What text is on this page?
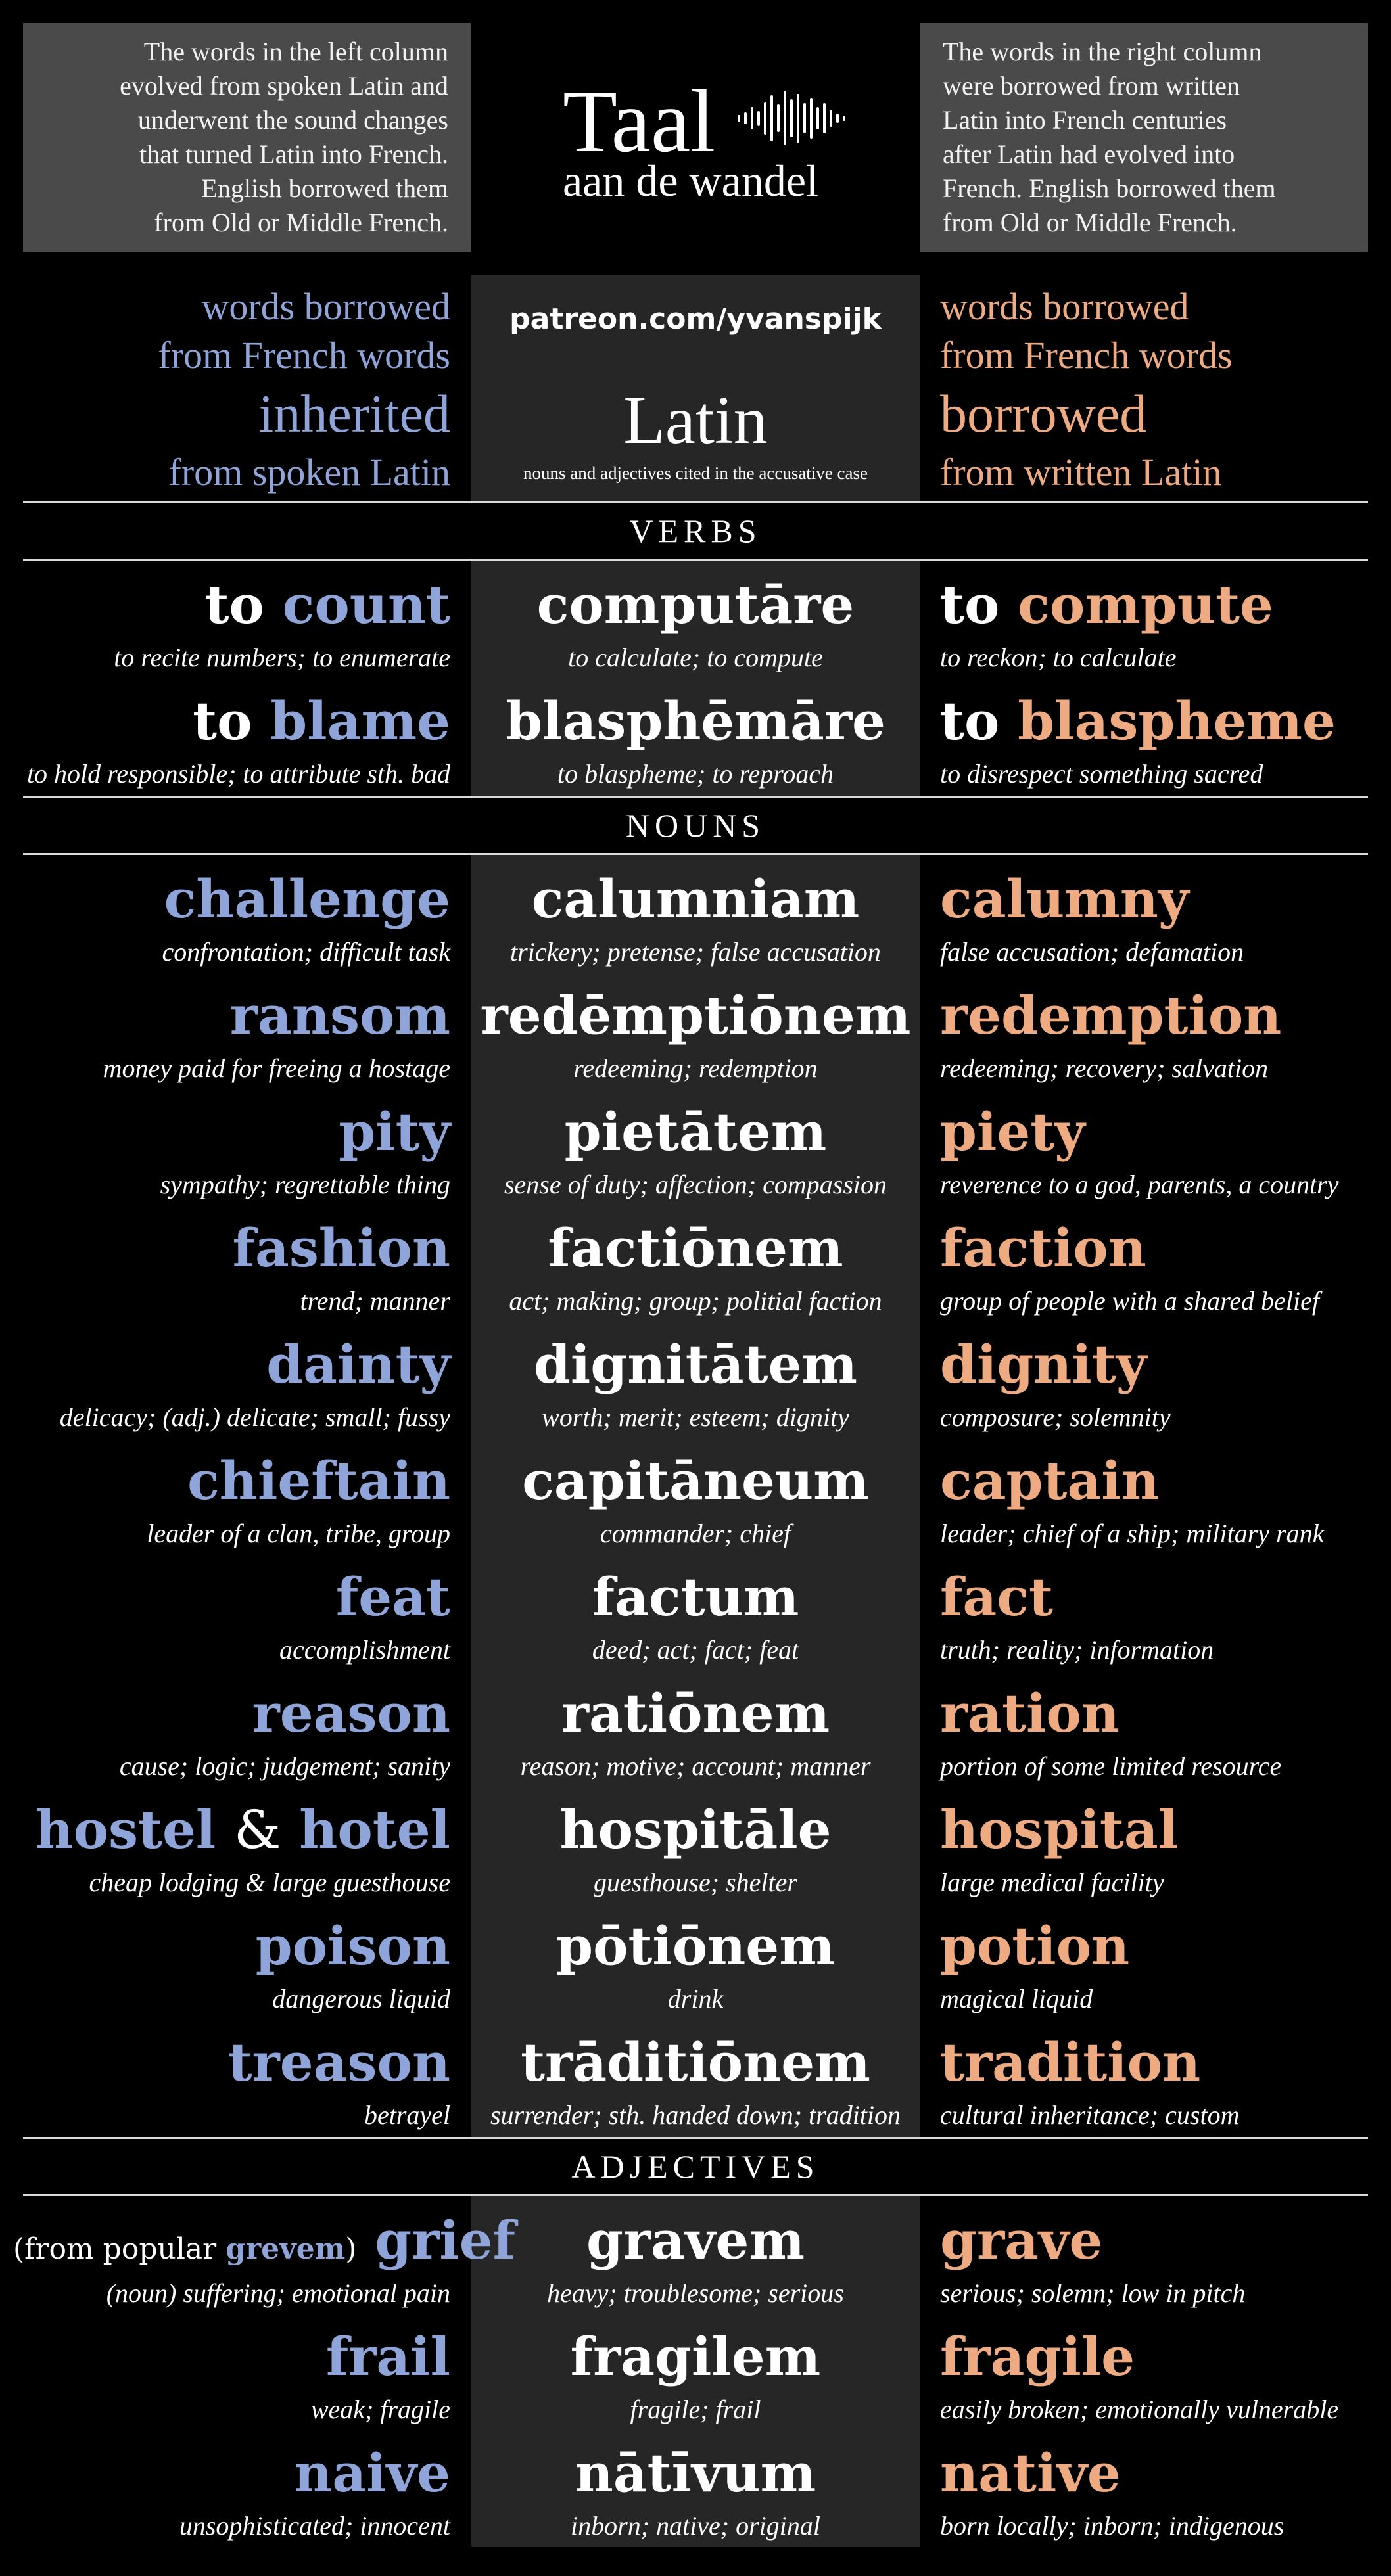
The words in the left column
evolved from spoken Latin and
underwent the sound changes
that turned Latin into French.
English borrowed them
from Old or Middle French.
Taal
aan de wandel
The words in the right column
were borrowed from written
Latin into French centuries
after Latin had evolved into
French. English borrowed them
from Old or Middle French.
words borrowed
from French words
inherited
from spoken Latin
patreon.com/yvanspijk
Latin
nouns and adjectives cited in the accusative case
words borrowed
from French words
borrowed
from written Latin
VERBS
to count
to recite numbers; to enumerate
computāre
to calculate; to compute
to compute
to reckon; to calculate
to blame
to hold responsible; to attribute sth. bad
blasphēmāre
to blaspheme; to reproach
to blaspheme
to disrespect something sacred
NOUNS
challenge
confrontation; difficult task
calumniam
trickery; pretense; false accusation
calumny
false accusation; defamation
ransom
money paid for freeing a hostage
redēmptiōnem
redeeming; redemption
redemption
redeeming; recovery; salvation
pity
sympathy; regrettable thing
pietātem
sense of duty; affection; compassion
piety
reverence to a god, parents, a country
fashion
trend; manner
factiōnem
act; making; group; politial faction
faction
group of people with a shared belief
dainty
delicacy; (adj.) delicate; small; fussy
dignitātem
worth; merit; esteem; dignity
dignity
composure; solemnity
chieftain
leader of a clan, tribe, group
capitāneum
commander; chief
captain
leader; chief of a ship; military rank
feat
accomplishment
factum
deed; act; fact; feat
fact
truth; reality; information
reason
cause; logic; judgement; sanity
ratiōnem
reason; motive; account; manner
ration
portion of some limited resource
hostel & hotel
cheap lodging & large guesthouse
hospitāle
guesthouse; shelter
hospital
large medical facility
poison
dangerous liquid
pōtiōnem
drink
potion
magical liquid
treason
betrayel
trāditiōnem
surrender; sth. handed down; tradition
tradition
cultural inheritance; custom
ADJECTIVES
(from popular grevem) grief
(noun) suffering; emotional pain
gravem
heavy; troublesome; serious
grave
serious; solemn; low in pitch
frail
weak; fragile
fragilem
fragile; frail
fragile
easily broken; emotionally vulnerable
naive
unsophisticated; innocent
nātīvum
inborn; native; original
native
born locally; inborn; indigenous
